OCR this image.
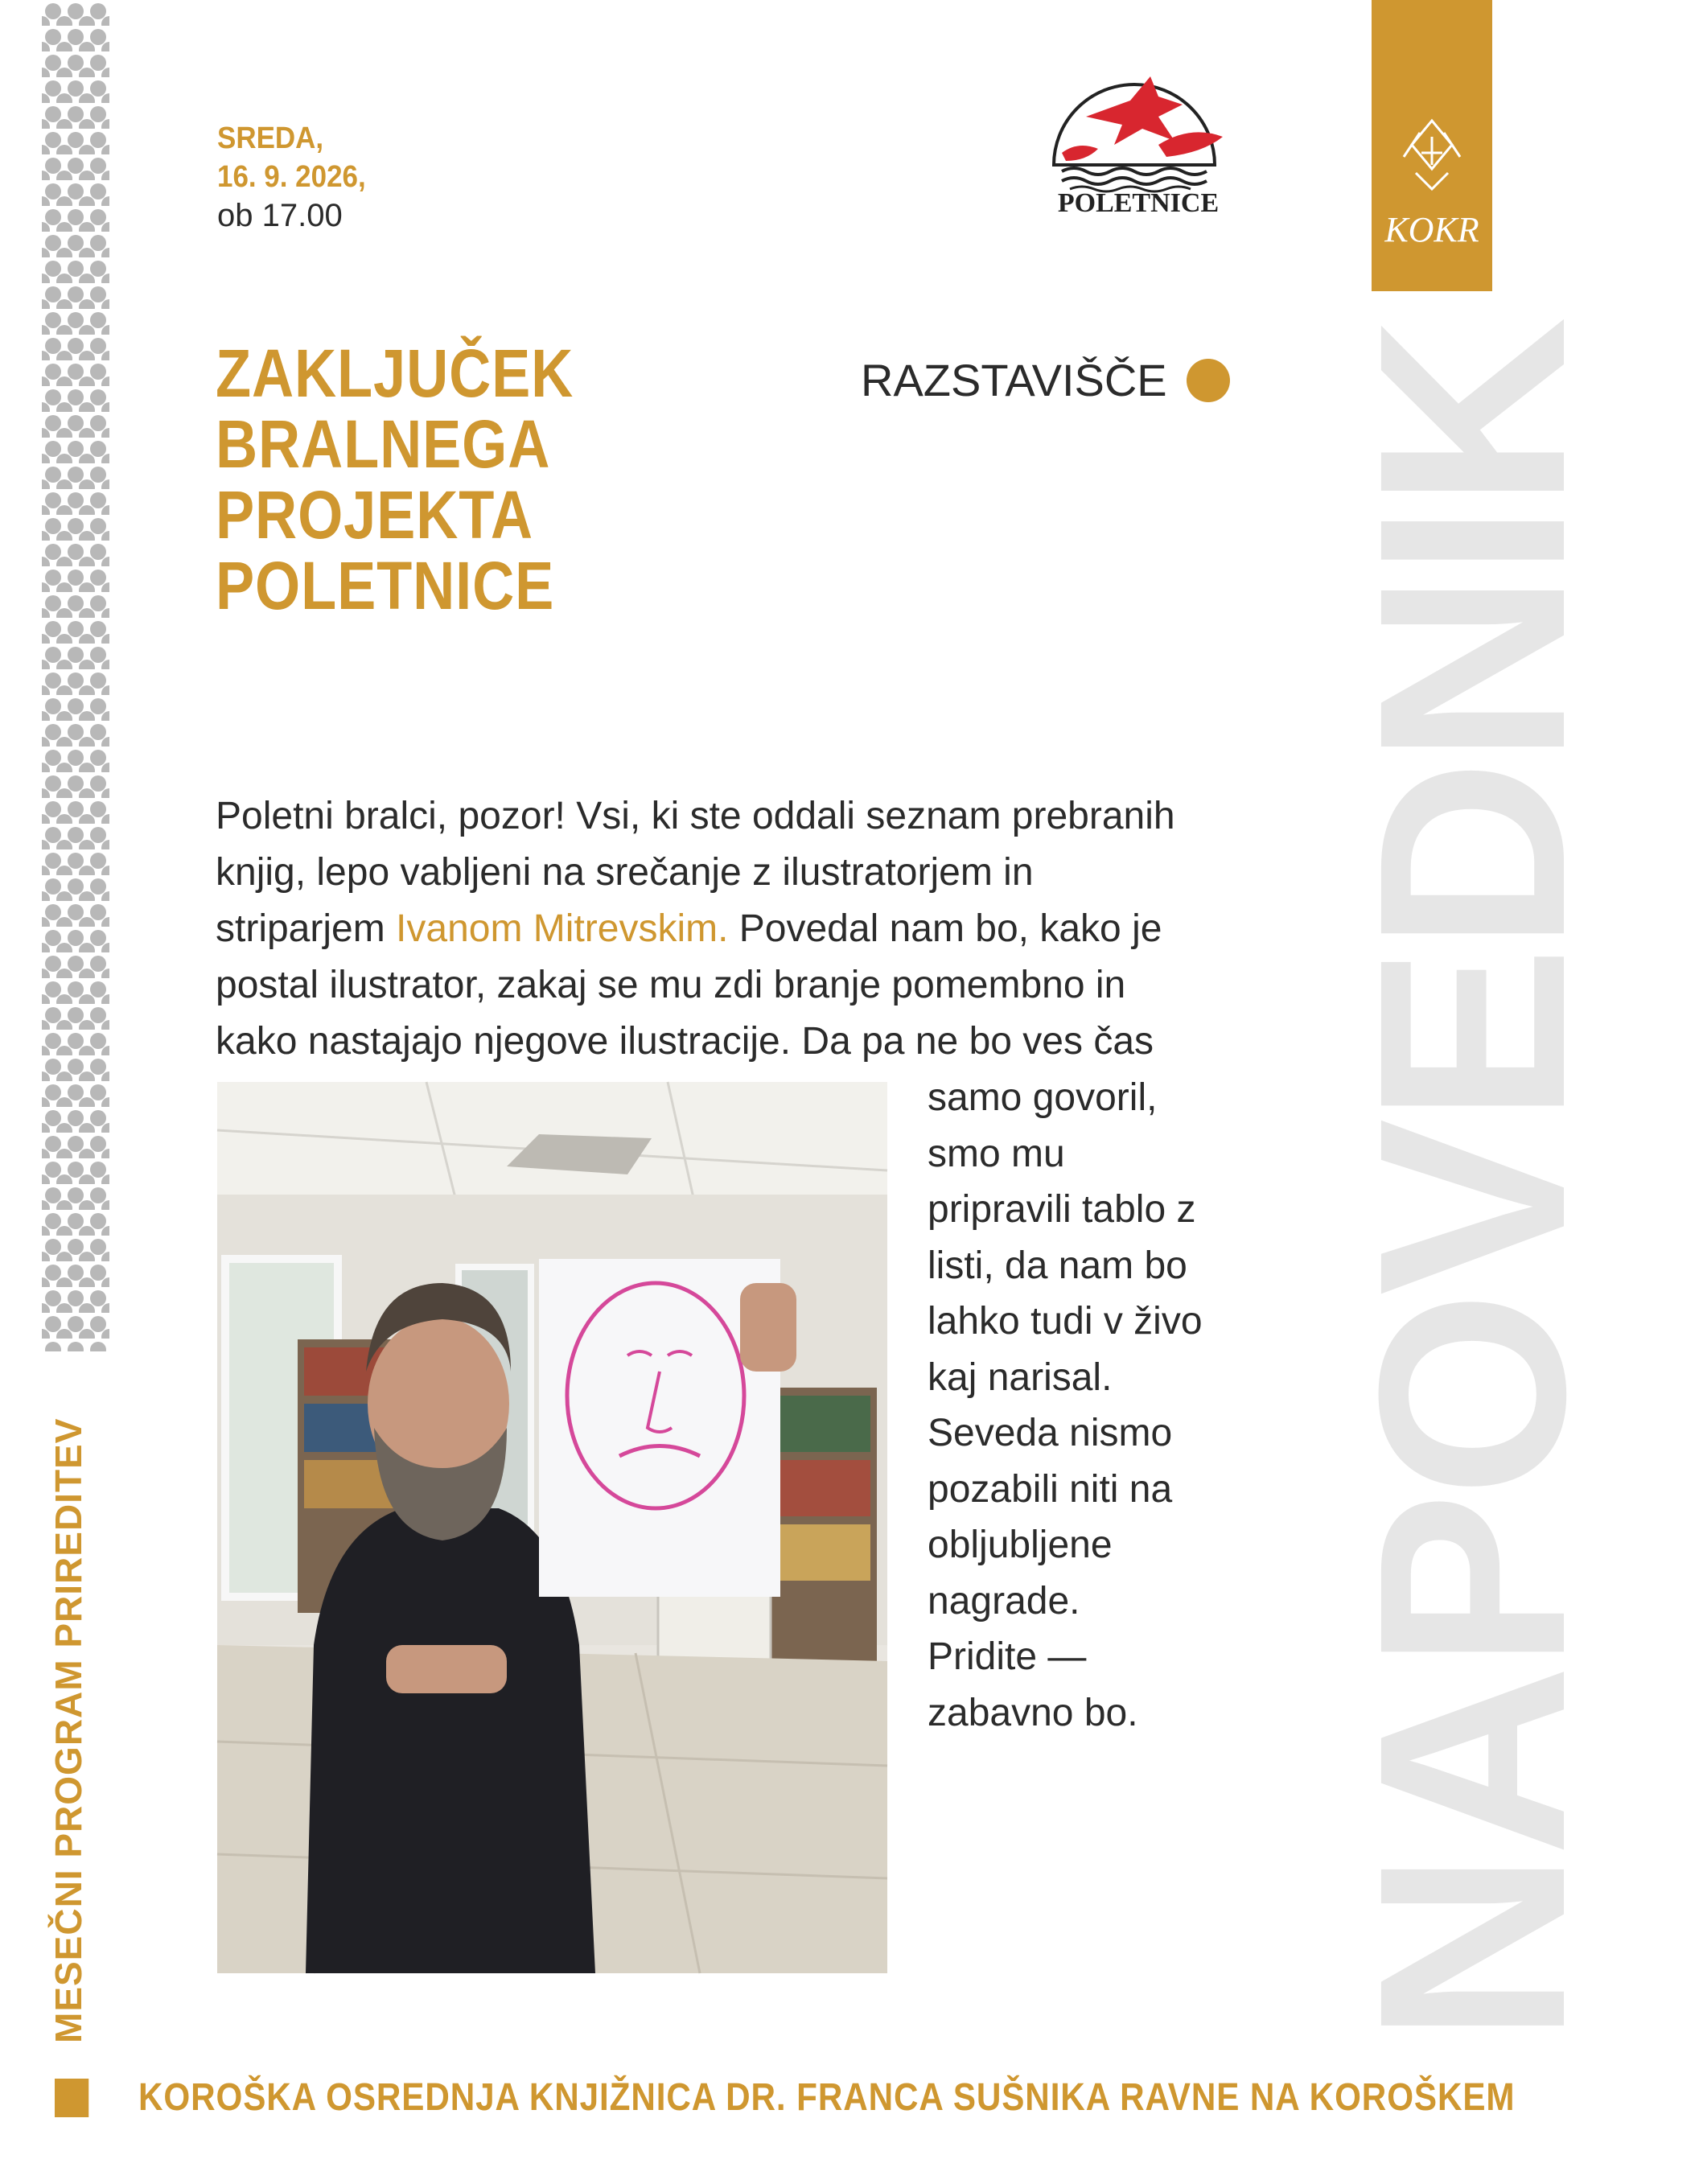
MESEČNI PROGRAM PRIREDITEV
SREDA,
16. 9. 2026,
ob 17.00	POLETNICE
ZAKLJUČEK
BRALNEGA
PROJEKTA
POLETNICE
RAZSTAVIŠČE

Poletni bralci, pozor! Vsi, ki ste oddali seznam prebranih

knjig, lepo vabljeni na srečanje z ilustratorjem in

striparjem Ivanom Mitrevskim. Povedal nam bo, kako je

postal ilustrator, zakaj se mu zdi branje pomembno in

kako nastajajo njegove ilustracije. Da pa ne bo ves čas

samo govoril,

smo mu

pripravili tablo z

listi, da nam bo

lahko tudi v živo

kaj narisal.

Seveda nismo

pozabili niti na

obljubljene

nagrade.

Pridite —

zabavno bo. NAPOVEDNIK
KOKR
KOROŠKA OSREDNJA KNJIŽNICA DR. FRANCA SUŠNIKA RAVNE NA KOROŠKEM
